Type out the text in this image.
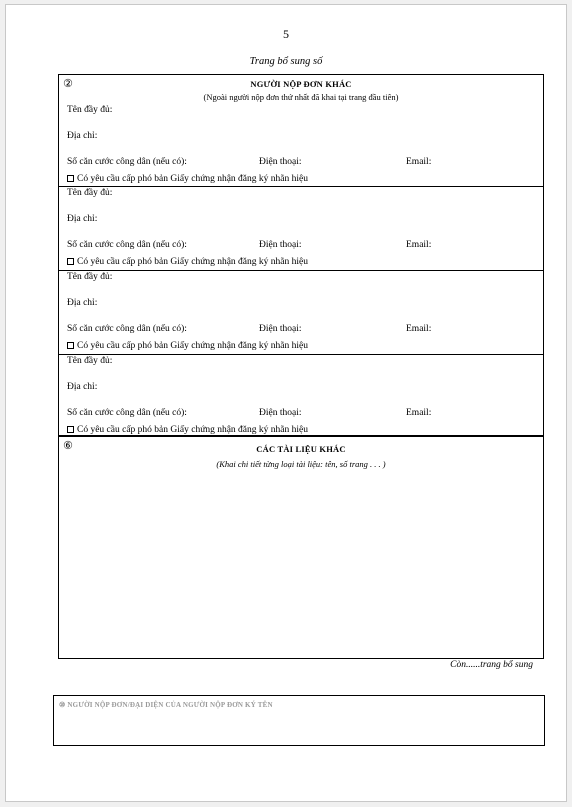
5
Trang bổ sung số
②	NGƯỜI NỘP ĐƠN KHÁC
(Ngoài người nộp đơn thứ nhất đã khai tại trang đầu tiên)
Tên đầy đủ:
Địa chỉ:
Số căn cước công dân (nếu có):	Điện thoại:	Email:
Có yêu cầu cấp phó bản Giấy chứng nhận đăng ký nhãn hiệu
Tên đầy đủ:
Địa chỉ:
Số căn cước công dân (nếu có):	Điện thoại:	Email:
Có yêu cầu cấp phó bản Giấy chứng nhận đăng ký nhãn hiệu
Tên đầy đủ:
Địa chỉ:
Số căn cước công dân (nếu có):	Điện thoại:	Email:
Có yêu cầu cấp phó bản Giấy chứng nhận đăng ký nhãn hiệu
Tên đầy đủ:
Địa chỉ:
Số căn cước công dân (nếu có):	Điện thoại:	Email:
Có yêu cầu cấp phó bản Giấy chứng nhận đăng ký nhãn hiệu
⑥	CÁC TÀI LIỆU KHÁC
(Khai chi tiết từng loại tài liệu: tên, số trang . . . )
Còn......trang bổ sung
⑩ NGƯỜI NỘP ĐƠN/ĐẠI DIỆN CỦA NGƯỜI NỘP ĐƠN KÝ TÊN
